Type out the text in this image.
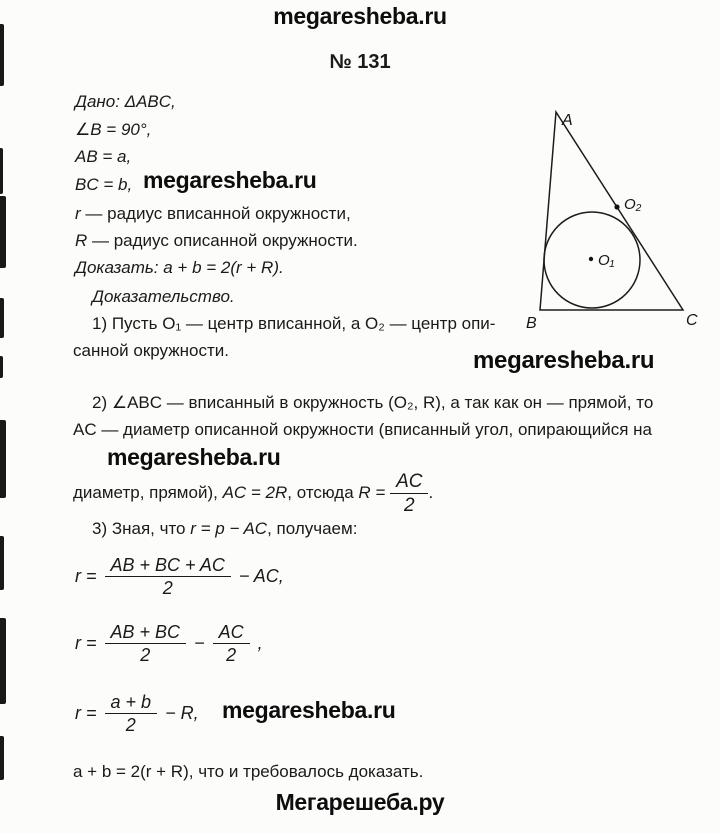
megaresheba.ru
№ 131
Дано: ΔABC,
∠B = 90°,
AB = a,
BC = b, megaresheba.ru
r — радиус вписанной окружности,
R — радиус описанной окружности.
Доказать: a + b = 2(r + R).
Доказательство.
1) Пусть O₁ — центр вписанной, а O₂ — центр опи-
санной окружности.	megaresheba.ru
2) ∠ABC — вписанный в окружность (O₂, R), а так как он — прямой, то
AC — диаметр описанной окружности (вписанный угол, опирающийся на
megaresheba.ru
диаметр, прямой), AC = 2R, отсюда $R = \frac{AC}{2}$ .
3) Зная, что r = p − AC, получаем:
$r = \frac{AB + BC + AC}{2}$ − AC,
$r = \frac{AB + BC}{2} - \frac{AC}{2}$ ,
$r = \frac{a + b}{2} - R$, megaresheba.ru
a + b = 2(r + R), что и требовалось доказать.
Мегарешеба.ру
A
B	C
O₁
O₂
